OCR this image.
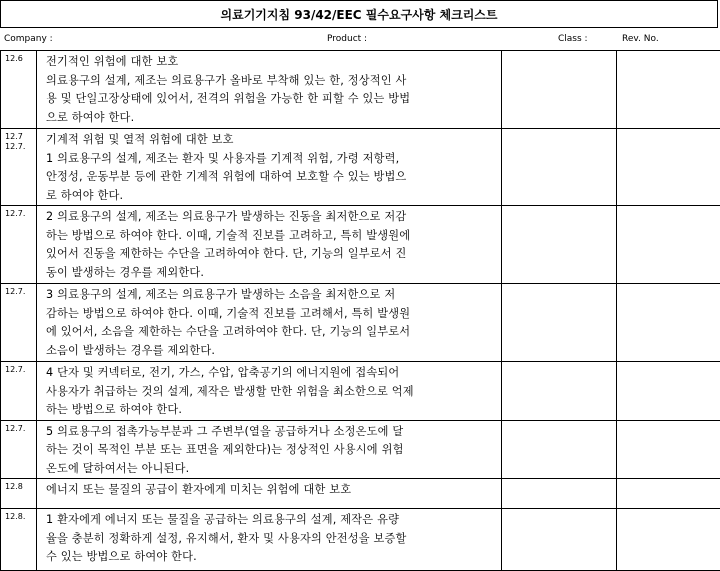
의료기기지침 93/42/EEC 필수요구사항 체크리스트
Company :	Product :	Class :	Rev. No.
12.6	전기적인 위험에 대한 보호
의료용구의 설계, 제조는 의료용구가 올바로 부착해 있는 한, 정상적인 사
용 및 단일고장상태에 있어서, 전격의 위험을 가능한 한 피할 수 있는 방법
으로 하여야 한다.		

12.7
12.7.	기계적 위험 및 열적 위험에 대한 보호
1 의료용구의 설계, 제조는 환자 및 사용자를 기계적 위험, 가령 저항력,
안정성, 운동부분 등에 관한 기계적 위험에 대하여 보호할 수 있는 방법으
로 하여야 한다.		

12.7.	2 의료용구의 설계, 제조는 의료용구가 발생하는 진동을 최저한으로 저감
하는 방법으로 하여야 한다. 이때, 기술적 진보를 고려하고, 특히 발생원에
있어서 진동을 제한하는 수단을 고려하여야 한다. 단, 기능의 일부로서 진
동이 발생하는 경우를 제외한다.		

12.7.	3 의료용구의 설계, 제조는 의료용구가 발생하는 소음을 최저한으로 저
감하는 방법으로 하여야 한다. 이때, 기술적 진보를 고려해서, 특히 발생원
에 있어서, 소음을 제한하는 수단을 고려하여야 한다. 단, 기능의 일부로서
소음이 발생하는 경우를 제외한다.		

12.7.	4 단자 및 커넥터로, 전기, 가스, 수압, 압축공기의 에너지원에 접속되어
사용자가 취급하는 것의 설계, 제작은 발생할 만한 위험을 최소한으로 억제
하는 방법으로 하여야 한다.		

12.7.	5 의료용구의 접촉가능부분과 그 주변부(열을 공급하거나 소정온도에 달
하는 것이 목적인 부분 또는 표면을 제외한다)는 정상적인 사용시에 위험
온도에 달하여서는 아니된다.		

12.8	에너지 또는 물질의 공급이 환자에게 미치는 위험에 대한 보호		

12.8.	1 환자에게 에너지 또는 물질을 공급하는 의료용구의 설계, 제작은 유량
율을 충분히 정확하게 설정, 유지해서, 환자 및 사용자의 안전성을 보증할
수 있는 방법으로 하여야 한다.		
